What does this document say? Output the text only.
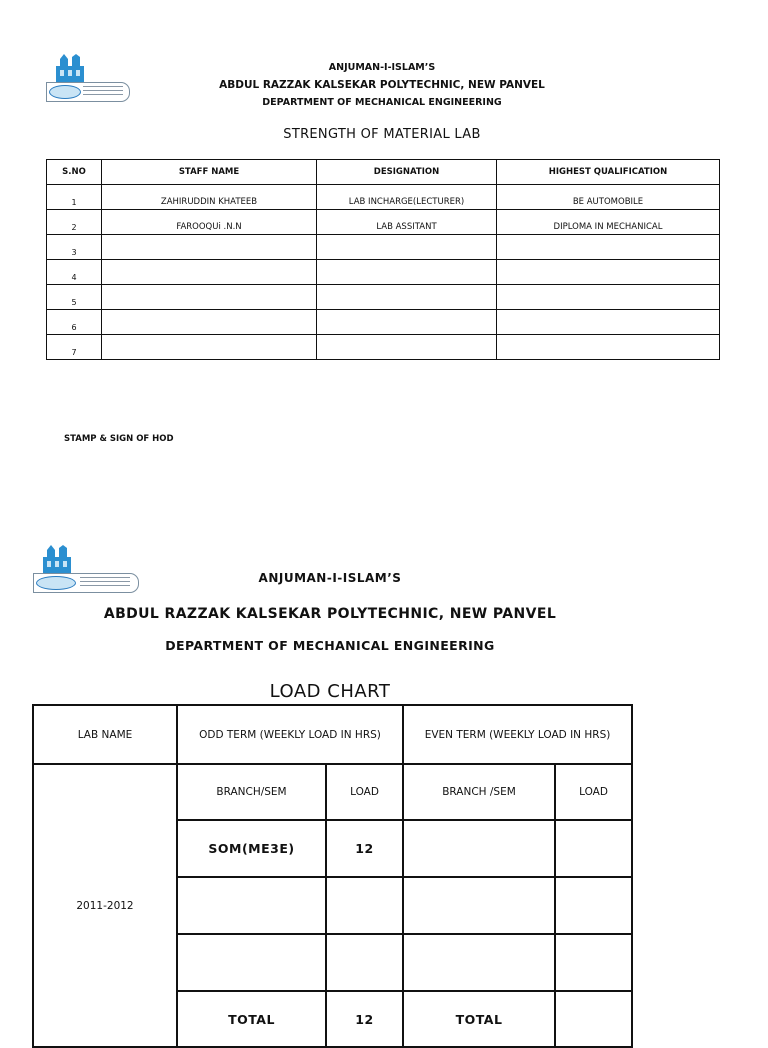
ANJUMAN-I-ISLAM’S
ABDUL RAZZAK KALSEKAR POLYTECHNIC, NEW PANVEL
DEPARTMENT OF MECHANICAL ENGINEERING
STRENGTH OF MATERIAL LAB
S.NO	STAFF NAME	DESIGNATION	HIGHEST QUALIFICATION

1	ZAHIRUDDIN KHATEEB	LAB INCHARGE(LECTURER)	BE AUTOMOBILE

2	FAROOQUi .N.N	LAB ASSITANT	DIPLOMA IN MECHANICAL

3			

4			

5			

6			

7			

STAMP & SIGN OF HOD
ANJUMAN-I-ISLAM’S
ABDUL RAZZAK KALSEKAR POLYTECHNIC, NEW PANVEL
DEPARTMENT OF MECHANICAL ENGINEERING
LOAD CHART
LAB NAME	ODD TERM (WEEKLY LOAD IN HRS)		EVEN TERM (WEEKLY LOAD IN HRS)	
2011-2012	BRANCH/SEM	LOAD	BRANCH /SEM	LOAD
	SOM(ME3E)	12		

	TOTAL	12	TOTAL	
